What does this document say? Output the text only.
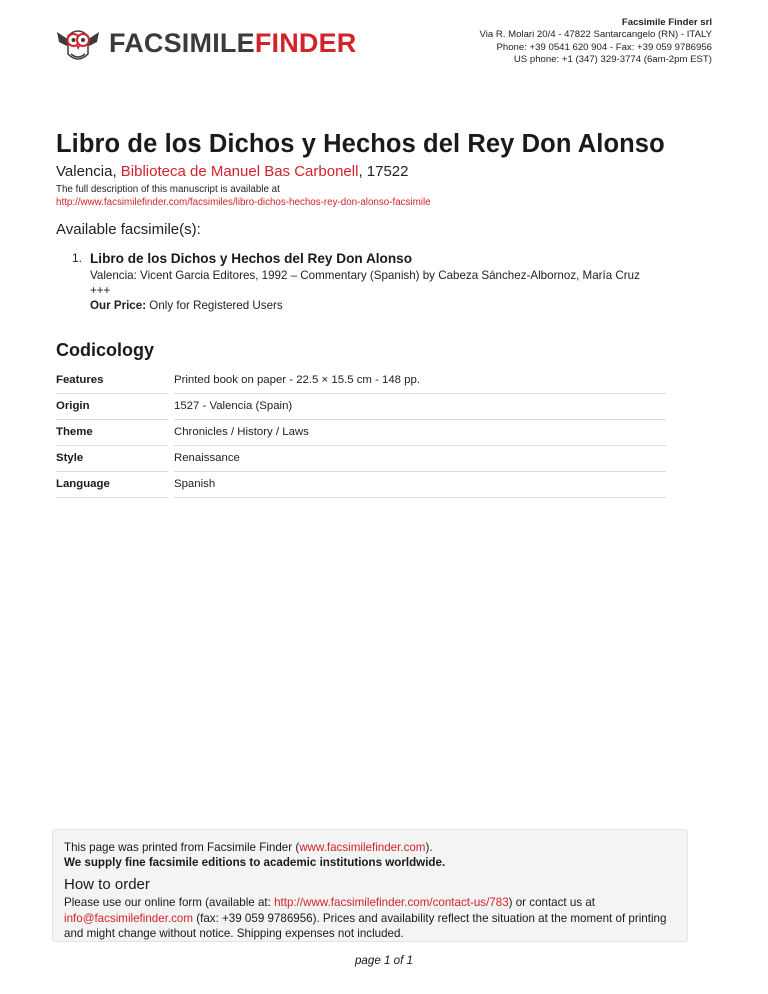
FACSIMILEFINDER
Facsimile Finder srl
Via R. Molari 20/4 - 47822 Santarcangelo (RN) - ITALY
Phone: +39 0541 620 904 - Fax: +39 059 9786956
US phone: +1 (347) 329-3774 (6am-2pm EST)
Libro de los Dichos y Hechos del Rey Don Alonso
Valencia, Biblioteca de Manuel Bas Carbonell, 17522
The full description of this manuscript is available at
http://www.facsimilefinder.com/facsimiles/libro-dichos-hechos-rey-don-alonso-facsimile
Available facsimile(s):
1. Libro de los Dichos y Hechos del Rey Don Alonso
Valencia: Vicent Garcia Editores, 1992 – Commentary (Spanish) by Cabeza Sánchez-Albornoz, María Cruz
+++
Our Price: Only for Registered Users
Codicology
Features	Printed book on paper - 22.5 × 15.5 cm - 148 pp.
Origin	1527 - Valencia (Spain)
Theme	Chronicles / History / Laws
Style	Renaissance
Language	Spanish
This page was printed from Facsimile Finder (www.facsimilefinder.com).
We supply fine facsimile editions to academic institutions worldwide.
How to order
Please use our online form (available at: http://www.facsimilefinder.com/contact-us/783) or contact us at
info@facsimilefinder.com (fax: +39 059 9786956). Prices and availability reflect the situation at the moment of printing and might change without notice. Shipping expenses not included.
page 1 of 1
